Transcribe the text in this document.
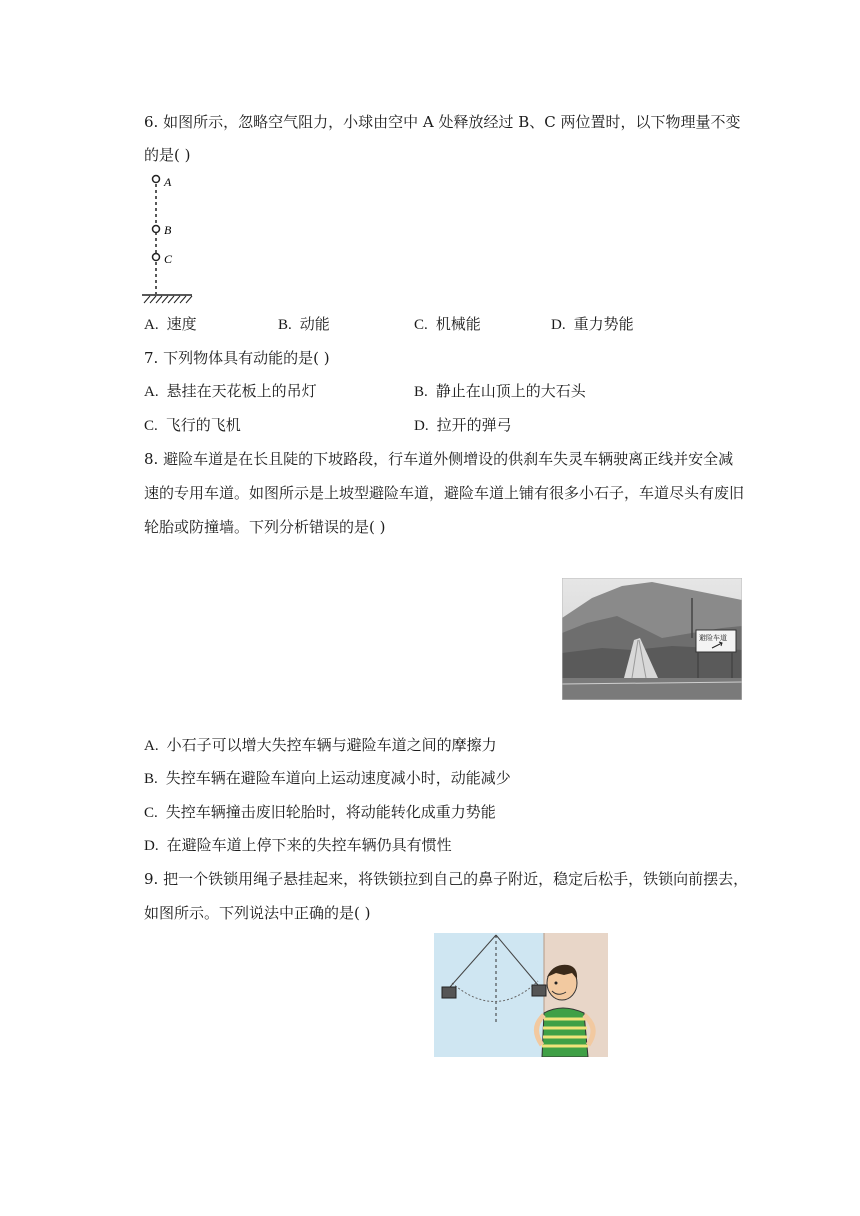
6. 如图所示，忽略空气阻力，小球由空中 A 处释放经过 B、C 两位置时，以下物理量不变
的是( )
A
B
C
A. 速度	B. 动能	C. 机械能	D. 重力势能
7. 下列物体具有动能的是( )
A. 悬挂在天花板上的吊灯	B. 静止在山顶上的大石头
C. 飞行的飞机	D. 拉开的弹弓
8. 避险车道是在长且陡的下坡路段，行车道外侧增设的供刹车失灵车辆驶离正线并安全减
速的专用车道。如图所示是上坡型避险车道，避险车道上铺有很多小石子，车道尽头有废旧
轮胎或防撞墙。下列分析错误的是( )
避险车道
A. 小石子可以增大失控车辆与避险车道之间的摩擦力
B. 失控车辆在避险车道向上运动速度减小时，动能减少
C. 失控车辆撞击废旧轮胎时，将动能转化成重力势能
D. 在避险车道上停下来的失控车辆仍具有惯性
9. 把一个铁锁用绳子悬挂起来，将铁锁拉到自己的鼻子附近，稳定后松手，铁锁向前摆去，
如图所示。下列说法中正确的是( )
